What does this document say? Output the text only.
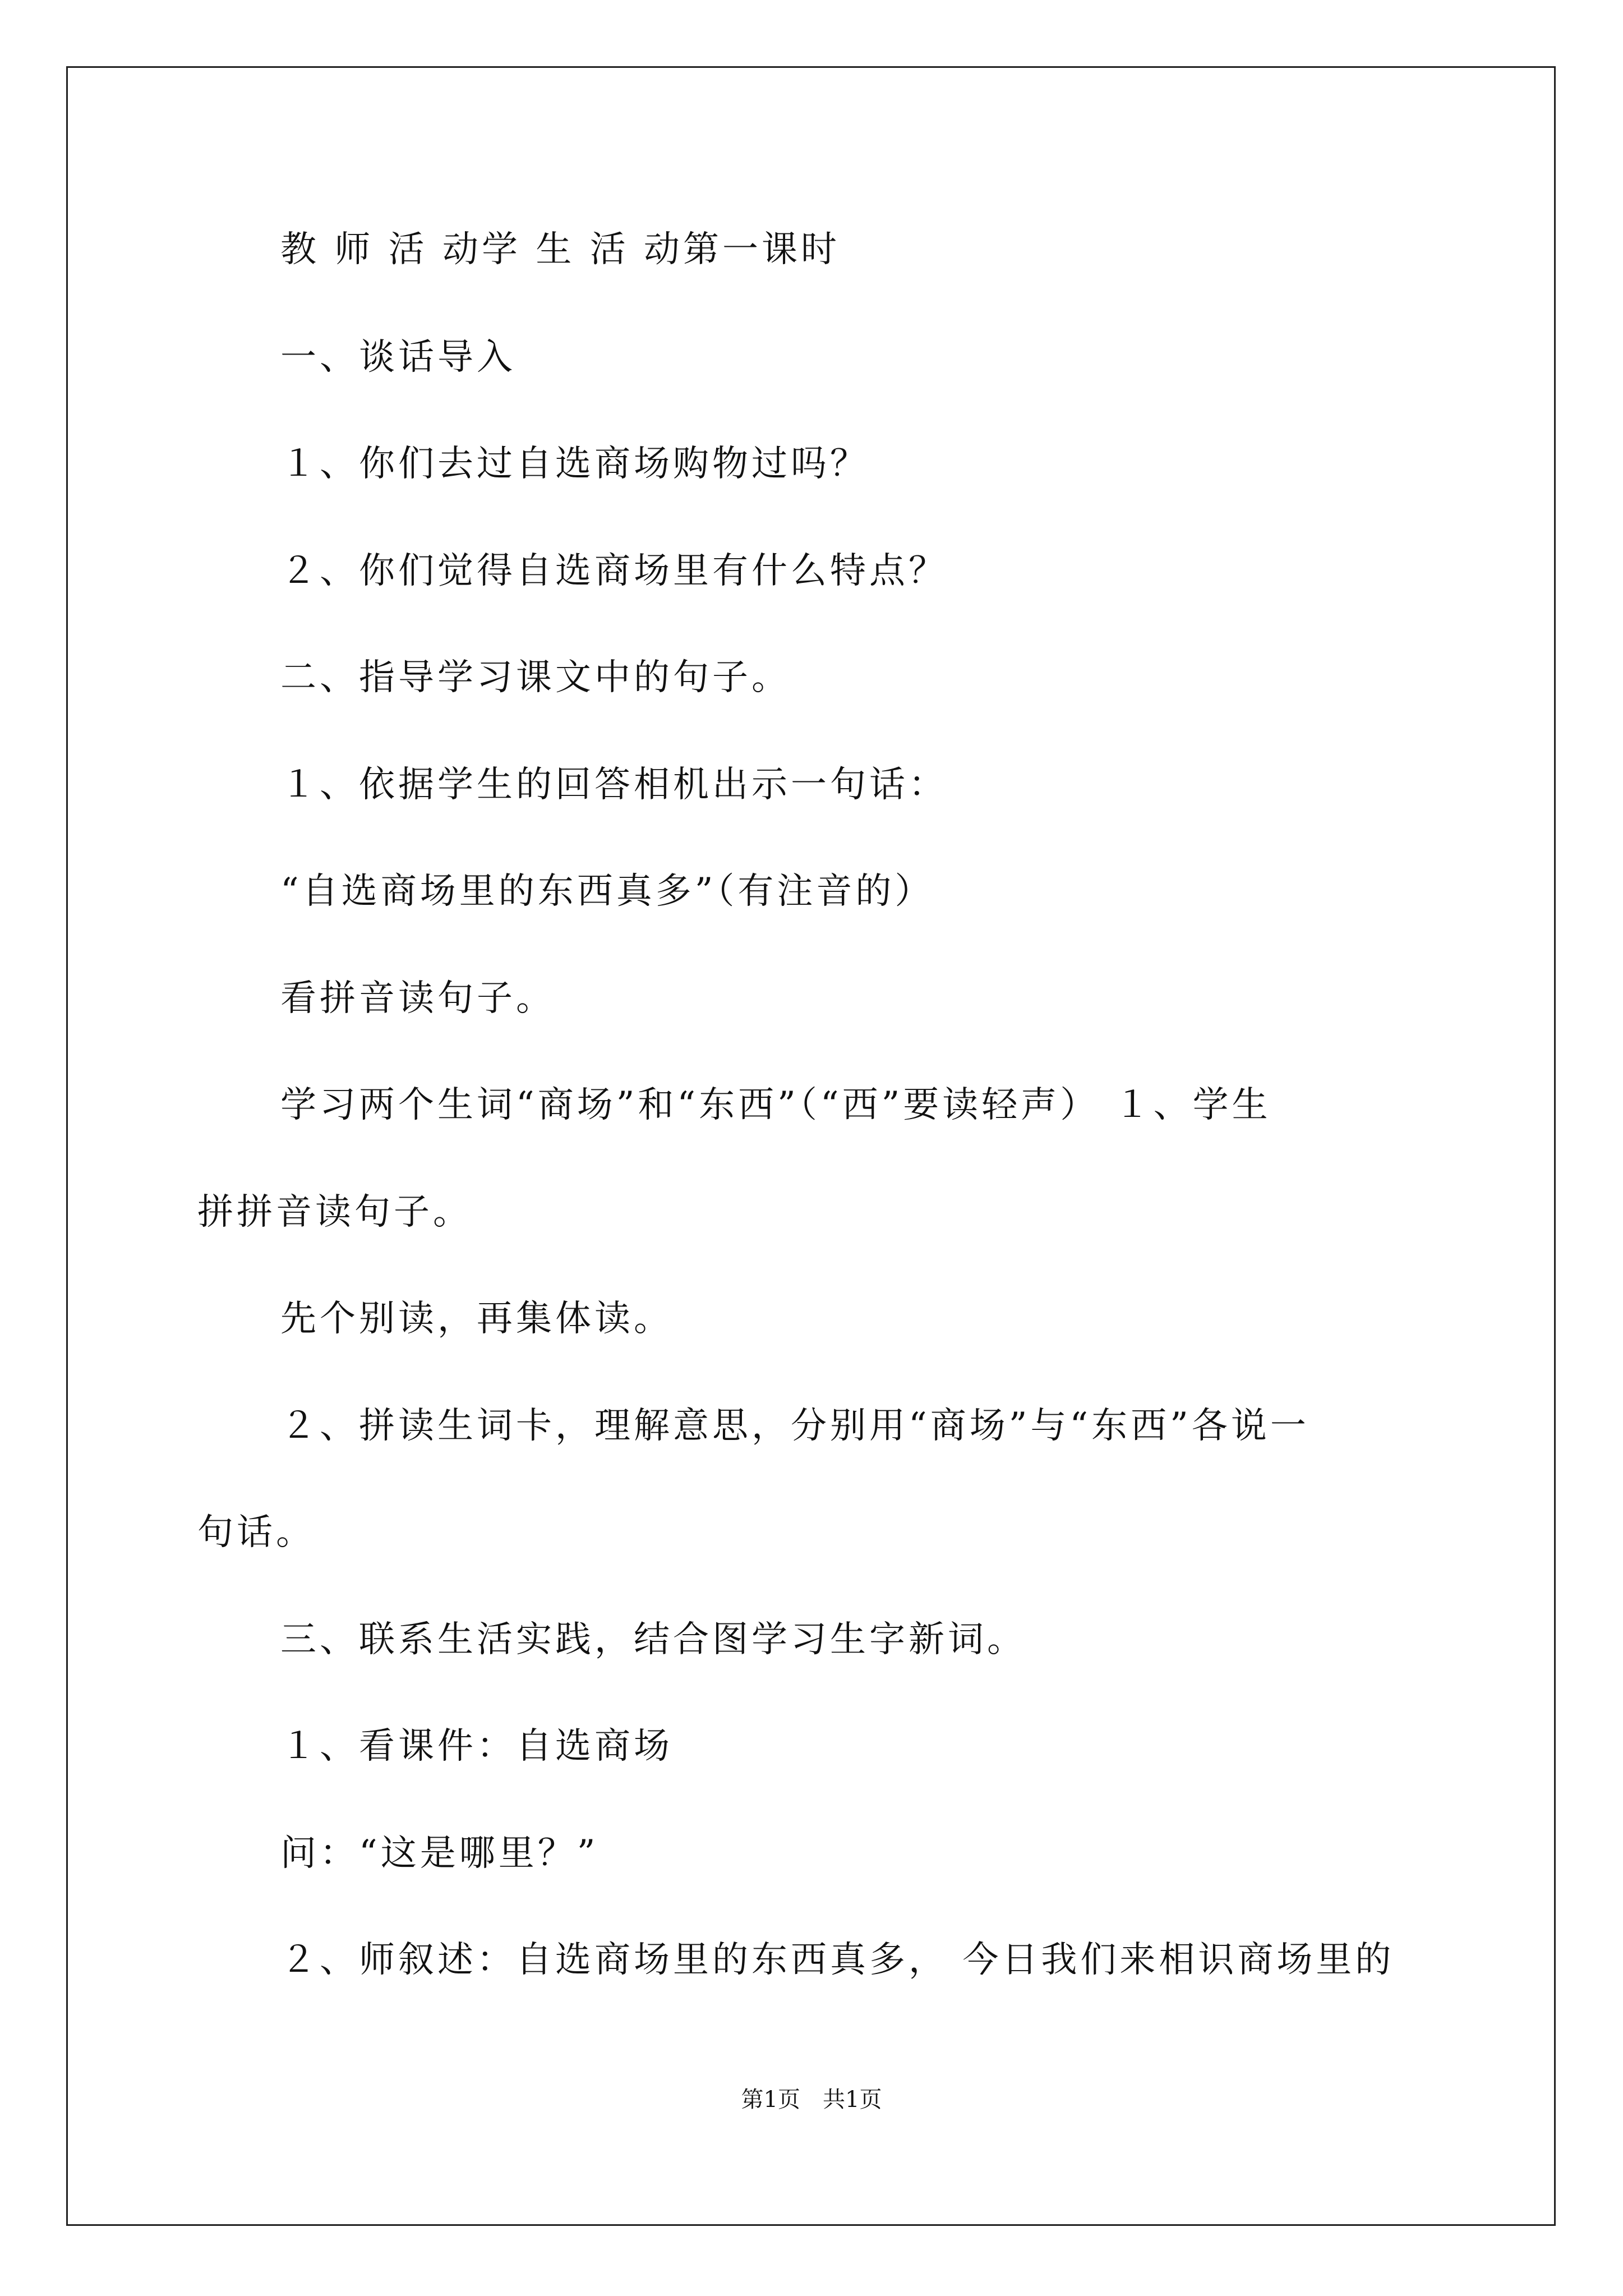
教 师 活 动学 生 活 动第一课时
一、谈话导入
１、你们去过自选商场购物过吗？
２、你们觉得自选商场里有什么特点？
二、指导学习课文中的句子。
１、依据学生的回答相机出示一句话：
“自选商场里的东西真多”（有注音的）
看拼音读句子。
学习两个生词“商场”和“东西”（“西”要读轻声） １、学生
拼拼音读句子。
先个别读，再集体读。
２、拼读生词卡，理解意思，分别用“商场”与“东西”各说一
句话。
三、联系生活实践，结合图学习生字新词。
１、看课件：自选商场
问：“这是哪里？”
２、师叙述：自选商场里的东西真多， 今日我们来相识商场里的
第1页　共1页
